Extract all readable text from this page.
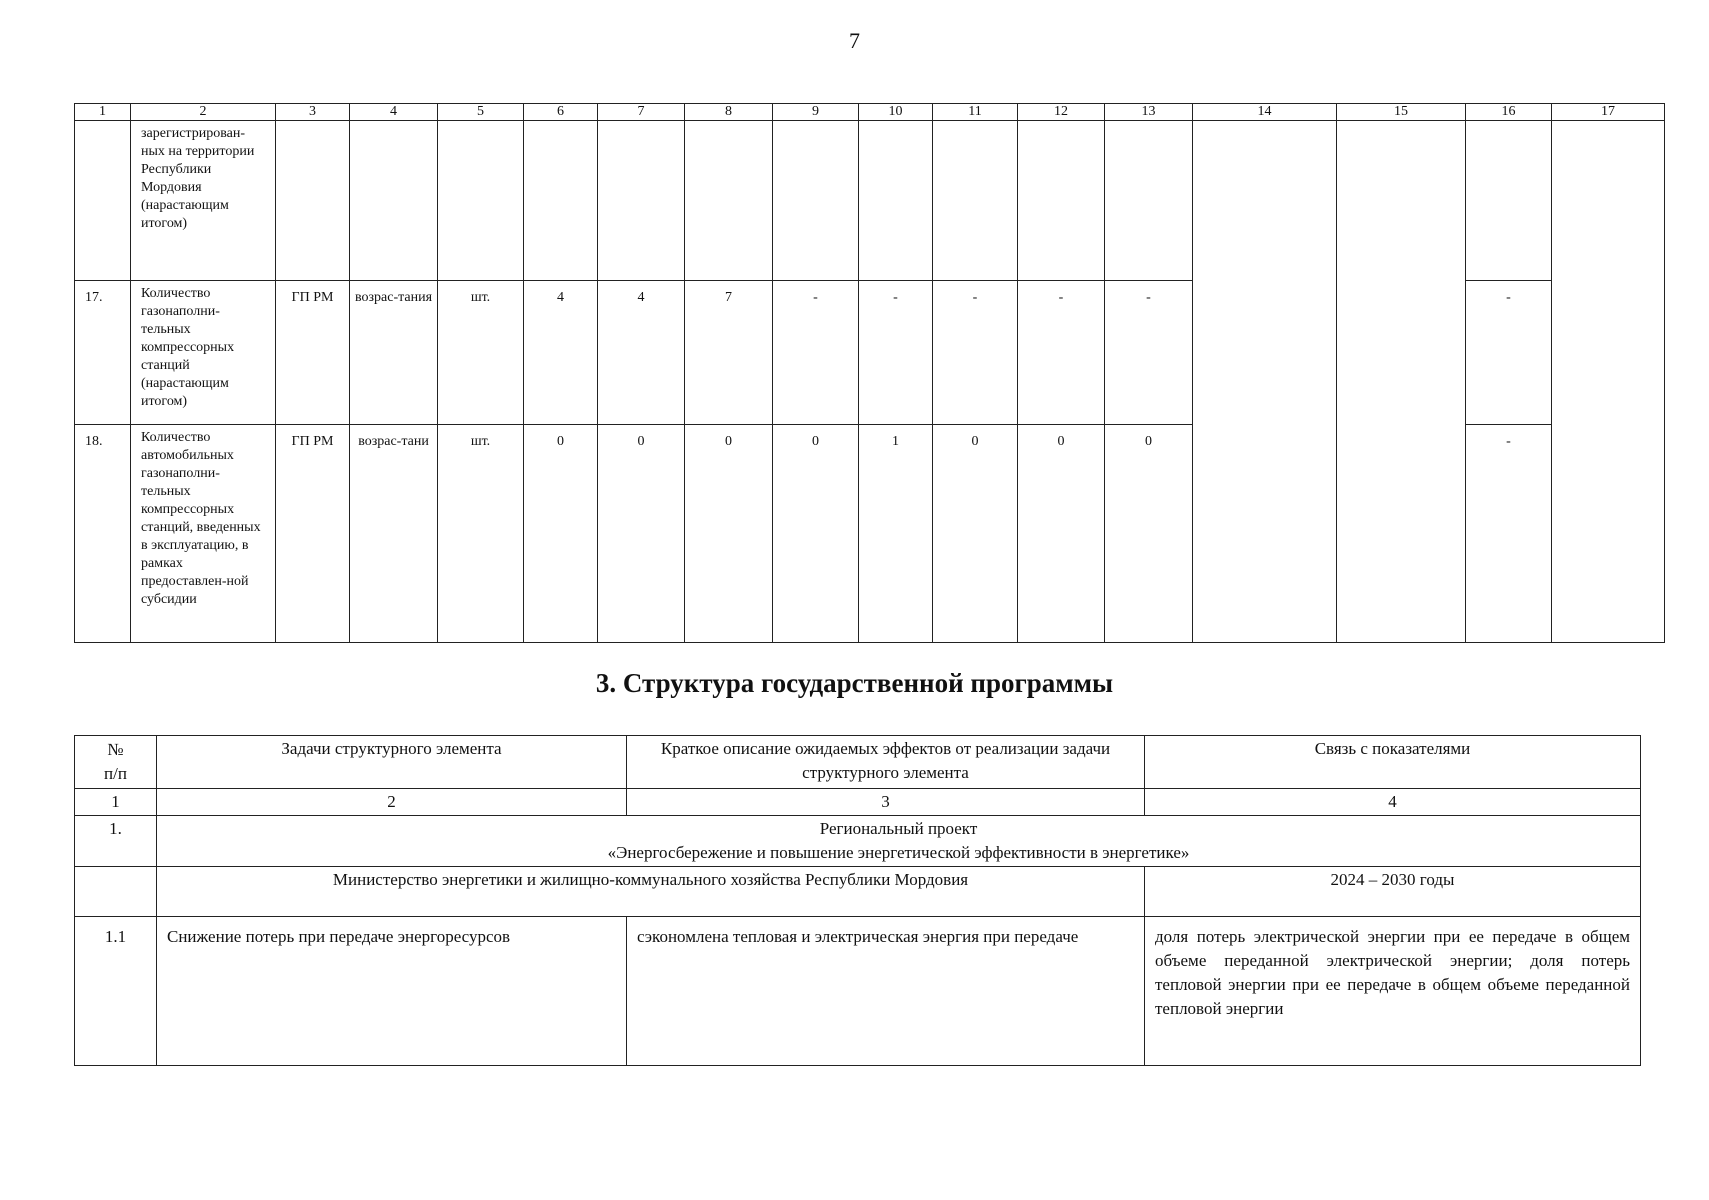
7
1	2	3	4	5	6	7	8	9	10	11	12	13	14	15	16	17
	зарегистрирован-ных на территории Республики Мордовия (нарастающим итогом)															
17.	Количество газонаполни-тельных компрессорных станций (нарастающим итогом)	ГП РМ	возрас-тания	шт.	4	4	7	-	-	-	-	-			-	
18.	Количество автомобильных газонаполни-тельных компрессорных станций, введенных в эксплуатацию, в рамках предоставлен-ной субсидии	ГП РМ	возрас-тани	шт.	0	0	0	0	1	0	0	0			-	
3. Структура государственной программы
№ п/п	Задачи структурного элемента	Краткое описание ожидаемых эффектов от реализации задачи структурного элемента	Связь с показателями
1	2	3	4
1.	Региональный проект
«Энергосбережение и повышение энергетической эффективности в энергетике»		

	Министерство энергетики и жилищно-коммунального хозяйства Республики Мордовия		2024 – 2030 годы
1.1	Снижение потерь при передаче энергоресурсов	сэкономлена тепловая и электрическая энергия при передаче	доля потерь электрической энергии при ее передаче в общем объеме переданной электрической энергии; доля потерь тепловой энергии при ее передаче в общем объеме переданной тепловой энергии
